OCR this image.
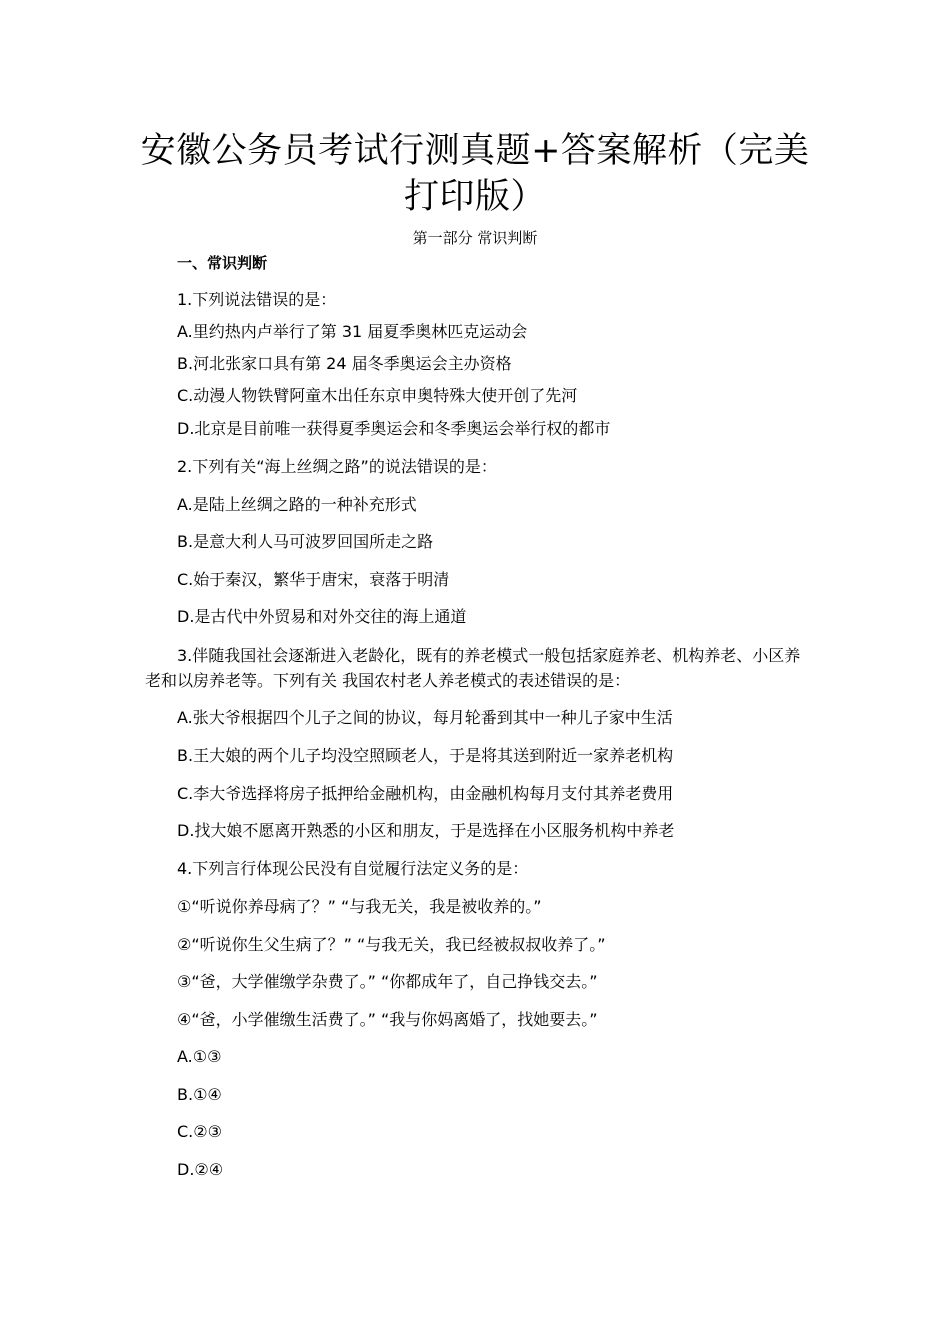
安徽公务员考试行测真题+答案解析（完美打印版）
第一部分 常识判断
一、常识判断
1.下列说法错误的是：
A.里约热内卢举行了第 31 届夏季奥林匹克运动会
B.河北张家口具有第 24 届冬季奥运会主办资格
C.动漫人物铁臂阿童木出任东京申奥特殊大使开创了先河
D.北京是目前唯一获得夏季奥运会和冬季奥运会举行权的都市
2.下列有关“海上丝绸之路”的说法错误的是：
A.是陆上丝绸之路的一种补充形式
B.是意大利人马可波罗回国所走之路
C.始于秦汉，繁华于唐宋，衰落于明清
D.是古代中外贸易和对外交往的海上通道
3.伴随我国社会逐渐进入老龄化，既有的养老模式一般包括家庭养老、机构养老、小区养老和以房养老等。下列有关 我国农村老人养老模式的表述错误的是：
A.张大爷根据四个儿子之间的协议，每月轮番到其中一种儿子家中生活
B.王大娘的两个儿子均没空照顾老人，于是将其送到附近一家养老机构
C.李大爷选择将房子抵押给金融机构，由金融机构每月支付其养老费用
D.找大娘不愿离开熟悉的小区和朋友，于是选择在小区服务机构中养老
4.下列言行体现公民没有自觉履行法定义务的是：
①“听说你养母病了？” “与我无关，我是被收养的。”
②“听说你生父生病了？” “与我无关，我已经被叔叔收养了。”
③“爸，大学催缴学杂费了。” “你都成年了，自己挣钱交去。”
④“爸，小学催缴生活费了。” “我与你妈离婚了，找她要去。”
A.①③
B.①④
C.②③
D.②④
